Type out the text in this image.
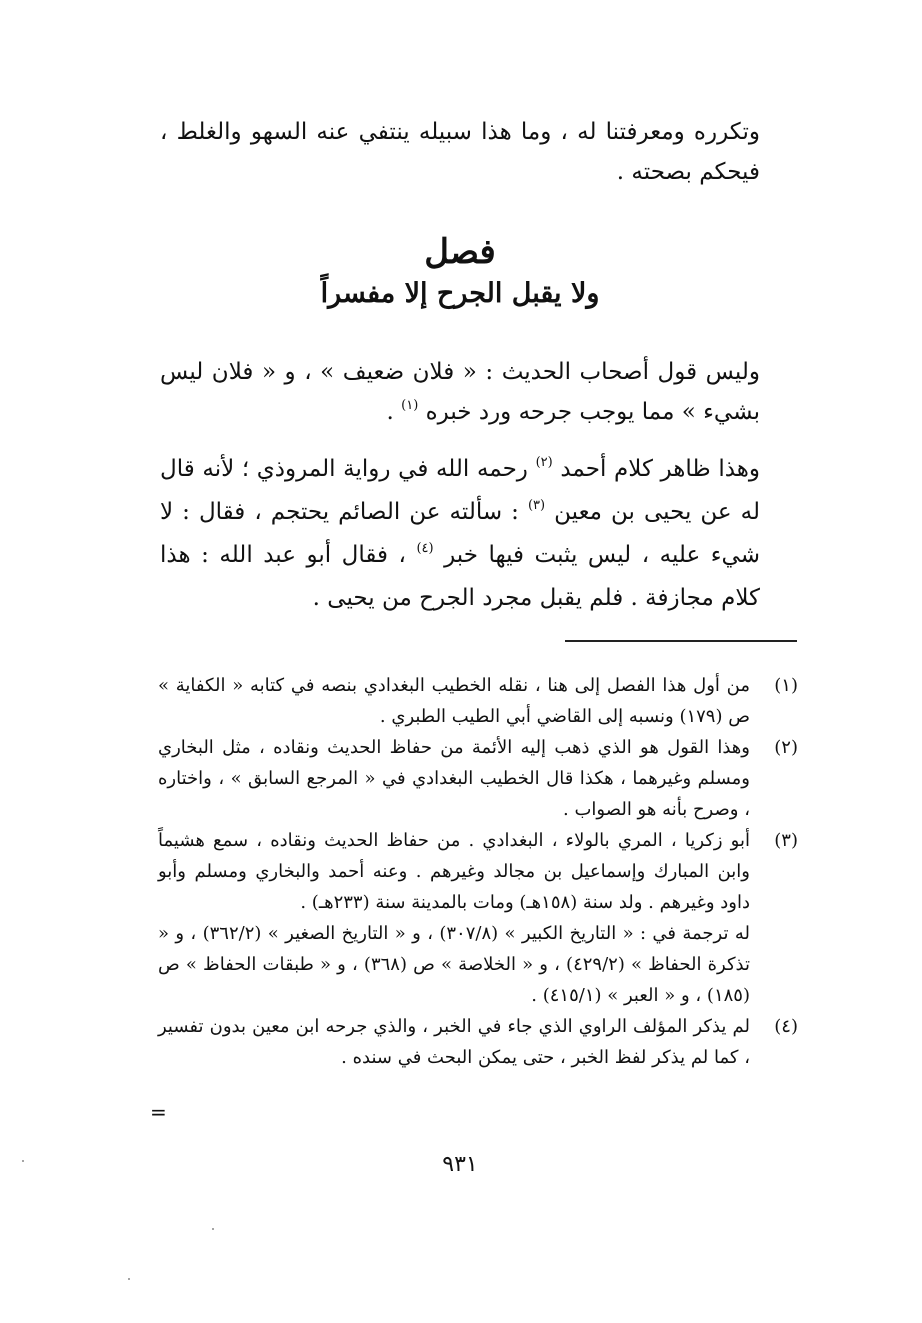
وتكرره ومعرفتنا له ، وما هذا سبيله ينتفي عنه السهو والغلط ، فيحكم بصحته .
فصل
ولا يقبل الجرح إلا مفسراً
وليس قول أصحاب الحديث : « فلان ضعيف » ، و « فلان ليس بشيء » مما يوجب جرحه ورد خبره $^{(١)}$ .
وهذا ظاهر كلام أحمد $^{(٢)}$ رحمه الله في رواية المروذي ؛ لأنه قال له عن يحيى بن معين $^{(٣)}$ : سألته عن الصائم يحتجم ، فقال : لا شيء عليه ، ليس يثبت فيها خبر $^{(٤)}$ ، فقال أبو عبد الله : هذا كلام مجازفة . فلم يقبل مجرد الجرح من يحيى .
(١)
من أول هذا الفصل إلى هنا ، نقله الخطيب البغدادي بنصه في كتابه « الكفاية » ص (١٧٩) ونسبه إلى القاضي أبي الطيب الطبري .
(٢)
وهذا القول هو الذي ذهب إليه الأئمة من حفاظ الحديث ونقاده ، مثل البخاري ومسلم وغيرهما ، هكذا قال الخطيب البغدادي في « المرجع السابق » ، واختاره ، وصرح بأنه هو الصواب .
(٣)
أبو زكريا ، المري بالولاء ، البغدادي . من حفاظ الحديث ونقاده ، سمع هشيماً وابن المبارك وإسماعيل بن مجالد وغيرهم . وعنه أحمد والبخاري ومسلم وأبو داود وغيرهم . ولد سنة (١٥٨هـ) ومات بالمدينة سنة (٢٣٣هـ) .
له ترجمة في : « التاريخ الكبير » (٣٠٧/٨) ، و « التاريخ الصغير » (٣٦٢/٢) ، و « تذكرة الحفاظ » (٤٢٩/٢) ، و « الخلاصة » ص (٣٦٨) ، و « طبقات الحفاظ » ص (١٨٥) ، و « العبر » (٤١٥/١) .
(٤)
لم يذكر المؤلف الراوي الذي جاء في الخبر ، والذي جرحه ابن معين بدون تفسير ، كما لم يذكر لفظ الخبر ، حتى يمكن البحث في سنده .
=
٩٣١
